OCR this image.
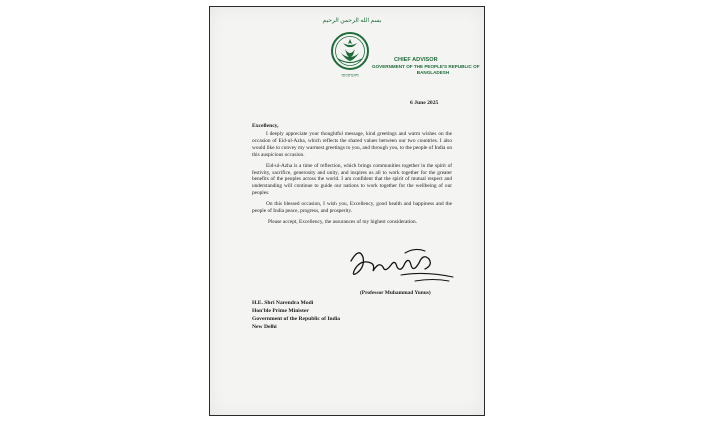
بسم الله الرحمن الرحيم
বাংলাদেশ
CHIEF ADVISOR
GOVERNMENT OF THE PEOPLE'S REPUBLIC OF
BANGLADESH
6 June 2025
Excellency,

I deeply appreciate your thoughtful message, kind greetings and warm wishes on the occasion of Eid-ul-Azha, which reflects the shared values between our two countries. I also would like to convey my warmest greetings to you, and through you, to the people of India on this auspicious occasion.

Eid-ul-Azha is a time of reflection, which brings communities together in the spirit of festivity, sacrifice, generosity and unity, and inspires us all to work together for the greater benefits of the peoples across the world. I am confident that the spirit of mutual respect and understanding will continue to guide our nations to work together for the wellbeing of our peoples.

On this blessed occasion, I wish you, Excellency, good health and happiness and the people of India peace, progress, and prosperity.

Please accept, Excellency, the assurances of my highest consideration.

(Professor Muhammad Yunus)
H.E. Shri Narendra Modi
Hon'ble Prime Minister
Government of the Republic of India
New Delhi
